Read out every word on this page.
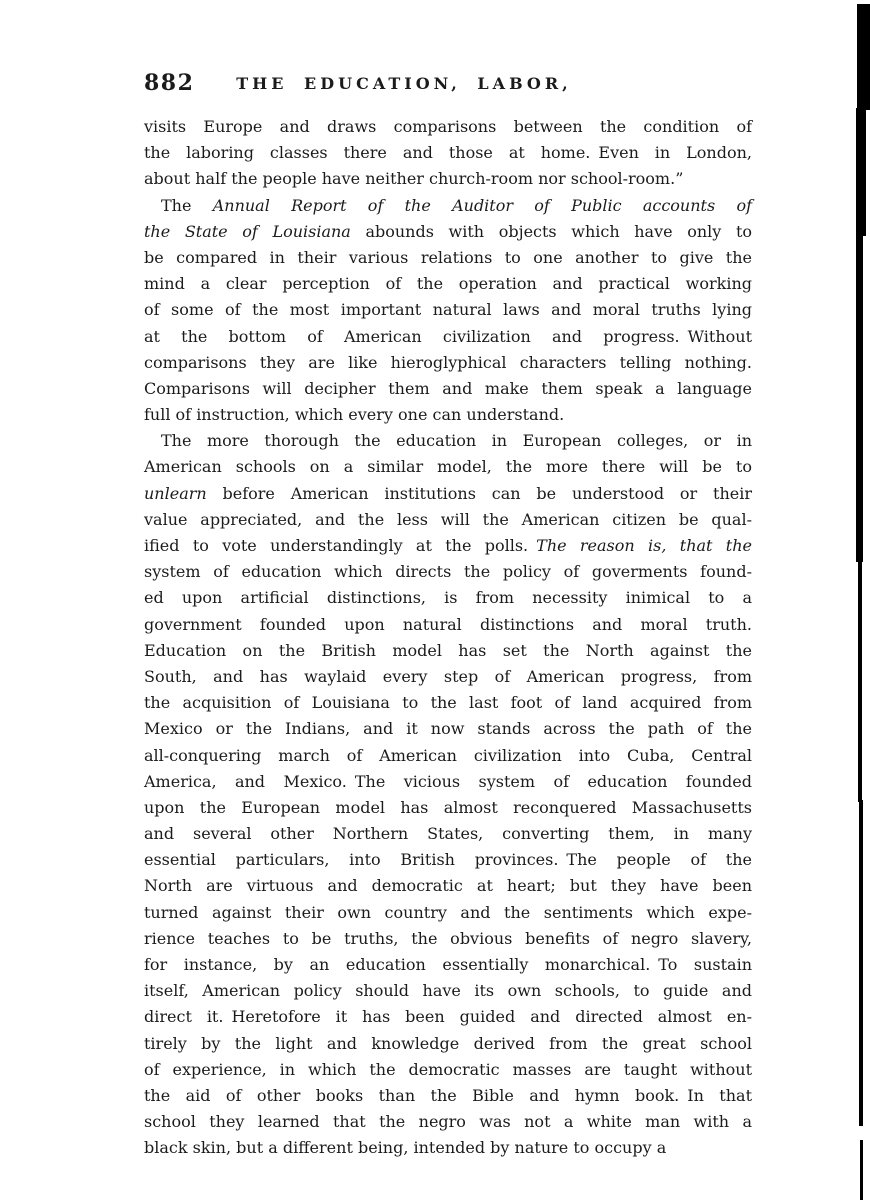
882	THE EDUCATION, LABOR,
visits Europe and draws comparisons between the condition of
the laboring classes there and those at home. Even in London,
about half the people have neither church-room nor school-room.”
The Annual Report of the Auditor of Public accounts of
the State of Louisiana abounds with objects which have only to
be compared in their various relations to one another to give the
mind a clear perception of the operation and practical working
of some of the most important natural laws and moral truths lying
at the bottom of American civilization and progress. Without
comparisons they are like hieroglyphical characters telling nothing.
Comparisons will decipher them and make them speak a language
full of instruction, which every one can understand.
The more thorough the education in European colleges, or in
American schools on a similar model, the more there will be to
unlearn before American institutions can be understood or their
value appreciated, and the less will the American citizen be qual-
ified to vote understandingly at the polls. The reason is, that the
system of education which directs the policy of goverments found-
ed upon artificial distinctions, is from necessity inimical to a
government founded upon natural distinctions and moral truth.
Education on the British model has set the North against the
South, and has waylaid every step of American progress, from
the acquisition of Louisiana to the last foot of land acquired from
Mexico or the Indians, and it now stands across the path of the
all-conquering march of American civilization into Cuba, Central
America, and Mexico. The vicious system of education founded
upon the European model has almost reconquered Massachusetts
and several other Northern States, converting them, in many
essential particulars, into British provinces. The people of the
North are virtuous and democratic at heart; but they have been
turned against their own country and the sentiments which expe-
rience teaches to be truths, the obvious benefits of negro slavery,
for instance, by an education essentially monarchical. To sustain
itself, American policy should have its own schools, to guide and
direct it. Heretofore it has been guided and directed almost en-
tirely by the light and knowledge derived from the great school
of experience, in which the democratic masses are taught without
the aid of other books than the Bible and hymn book. In that
school they learned that the negro was not a white man with a
black skin, but a different being, intended by nature to occupy a
